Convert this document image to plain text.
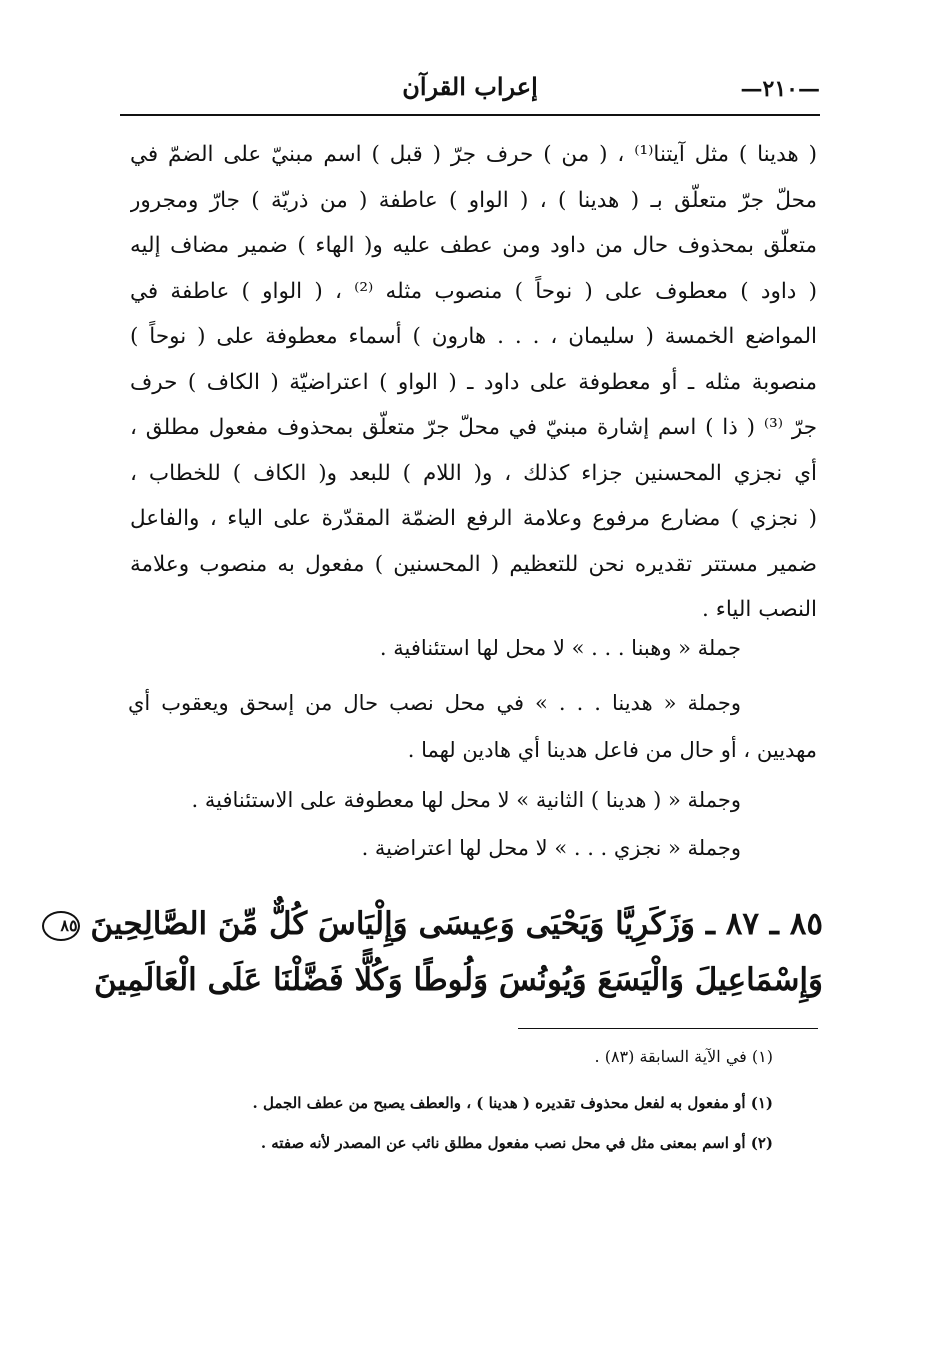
إعراب القرآن	—٢١٠—
( هدينا ) مثل آيتنا⁽¹⁾ ، ( من ) حرف جرّ ( قبل ) اسم مبنيّ على الضمّ في
محلّ جرّ متعلّق بـ ( هدينا ) ، ( الواو ) عاطفة ( من ذريّة ) جارّ ومجرور
متعلّق بمحذوف حال من داود ومن عطف عليه و( الهاء ) ضمير مضاف إليه
( داود ) معطوف على ( نوحاً ) منصوب مثله ⁽²⁾ ، ( الواو ) عاطفة في
المواضع الخمسة ( سليمان ، . . . هارون ) أسماء معطوفة على ( نوحاً )
منصوبة مثله ـ أو معطوفة على داود ـ ( الواو ) اعتراضيّة ( الكاف ) حرف
جرّ ⁽³⁾ ( ذا ) اسم إشارة مبنيّ في محلّ جرّ متعلّق بمحذوف مفعول مطلق ،
أي نجزي المحسنين جزاء كذلك ، و( اللام ) للبعد و( الكاف ) للخطاب ،
( نجزي ) مضارع مرفوع وعلامة الرفع الضمّة المقدّرة على الياء ، والفاعل
ضمير مستتر تقديره نحن للتعظيم ( المحسنين ) مفعول به منصوب وعلامة
النصب الياء .
جملة « وهبنا . . . » لا محل لها استئنافية .
وجملة « هدينا . . . » في محل نصب حال من إسحق ويعقوب أي
مهديين ، أو حال من فاعل هدينا أي هادين لهما .
وجملة « ( هدينا ) الثانية » لا محل لها معطوفة على الاستئنافية .
وجملة « نجزي . . . » لا محل لها اعتراضية .
٨٥ ـ ٨٧ ـ وَزَكَرِيَّا وَيَحْيَى وَعِيسَى وَإِلْيَاسَ كُلٌّ مِّنَ الصَّالِحِينَ ٨٥
وَإِسْمَاعِيلَ وَالْيَسَعَ وَيُونُسَ وَلُوطًا وَكُلًّا فَضَّلْنَا عَلَى الْعَالَمِينَ
(١) في الآية السابقة (٨٣) .
(١) أو مفعول به لفعل محذوف تقديره ( هدينا ) ، والعطف يصبح من عطف الجمل .
(٢) أو اسم بمعنى مثل في محل نصب مفعول مطلق نائب عن المصدر لأنه صفته .
